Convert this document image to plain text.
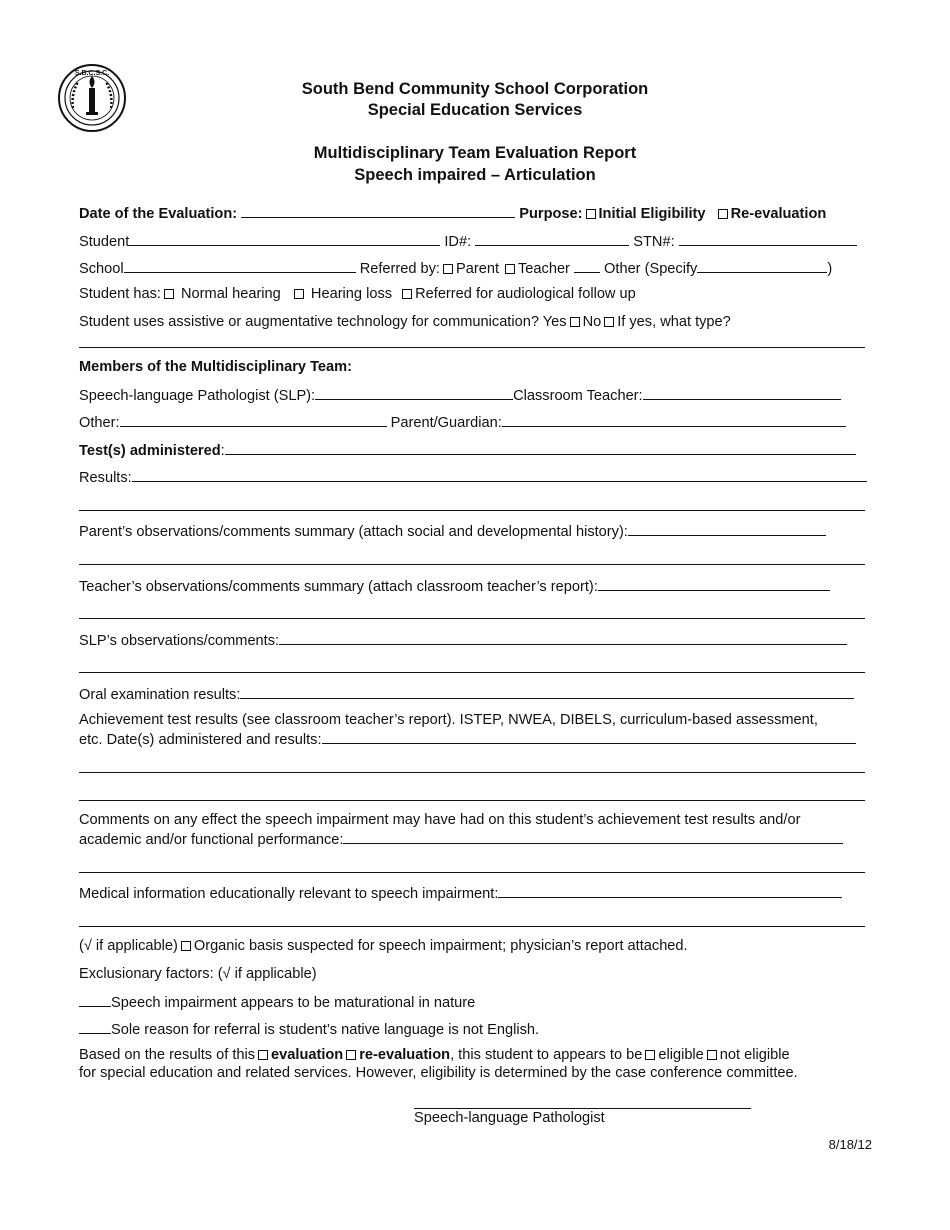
S.B.C.S.C.
South Bend Community School Corporation
Special Education Services
Multidisciplinary Team Evaluation Report
Speech impaired – Articulation
Date of the Evaluation:	Purpose: Initial Eligibility Re-evaluation
Student	ID#:	STN#:
School	Referred by: Parent Teacher Other (Specify	)
Student has: Normal hearing Hearing loss Referred for audiological follow up
Student uses assistive or augmentative technology for communication? Yes No If yes, what type?
Members of the Multidisciplinary Team:
Speech-language Pathologist (SLP):	Classroom Teacher:
Other:	Parent/Guardian:
Test(s) administered:
Results:
Parent’s observations/comments summary (attach social and developmental history):
Teacher’s observations/comments summary (attach classroom teacher’s report):
SLP’s observations/comments:
Oral examination results:
Achievement test results (see classroom teacher’s report). ISTEP, NWEA, DIBELS, curriculum-based assessment,
etc. Date(s) administered and results:
Comments on any effect the speech impairment may have had on this student’s achievement test results and/or
academic and/or functional performance:
Medical information educationally relevant to speech impairment:
(√ if applicable) Organic basis suspected for speech impairment; physician’s report attached.
Exclusionary factors: (√ if applicable)
Speech impairment appears to be maturational in nature
Sole reason for referral is student’s native language is not English.
Based on the results of this evaluation re-evaluation, this student to appears to be eligible not eligible
for special education and related services. However, eligibility is determined by the case conference committee.
Speech-language Pathologist
8/18/12
